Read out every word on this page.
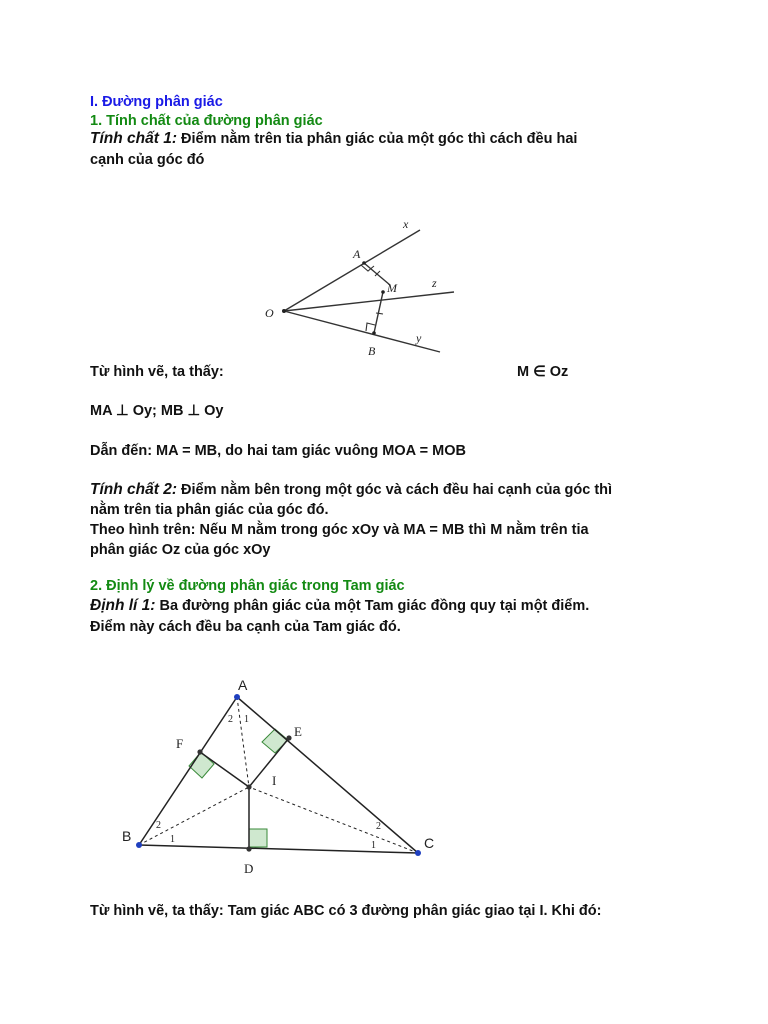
I. Đường phân giác
1. Tính chất của đường phân giác
Tính chất 1: Điểm nằm trên tia phân giác của một góc thì cách đều hai
cạnh của góc đó
O
A
B
M
x
y
z
Từ hình vẽ, ta thấy:	M ∈ Oz
MA ⊥ Oy; MB ⊥ Oy
Dẫn đến: MA = MB, do hai tam giác vuông MOA = MOB
Tính chất 2: Điểm nằm bên trong một góc và cách đều hai cạnh của góc thì
nằm trên tia phân giác của góc đó.
Theo hình trên: Nếu M nằm trong góc xOy và MA = MB thì M nằm trên tia
phân giác Oz của góc xOy
2. Định lý về đường phân giác trong Tam giác
Định lí 1: Ba đường phân giác của một Tam giác đồng quy tại một điểm.
Điểm này cách đều ba cạnh của Tam giác đó.
A
B	C
D
E
F
I
2 1
2
1
2
1
Từ hình vẽ, ta thấy: Tam giác ABC có 3 đường phân giác giao tại I. Khi đó:
